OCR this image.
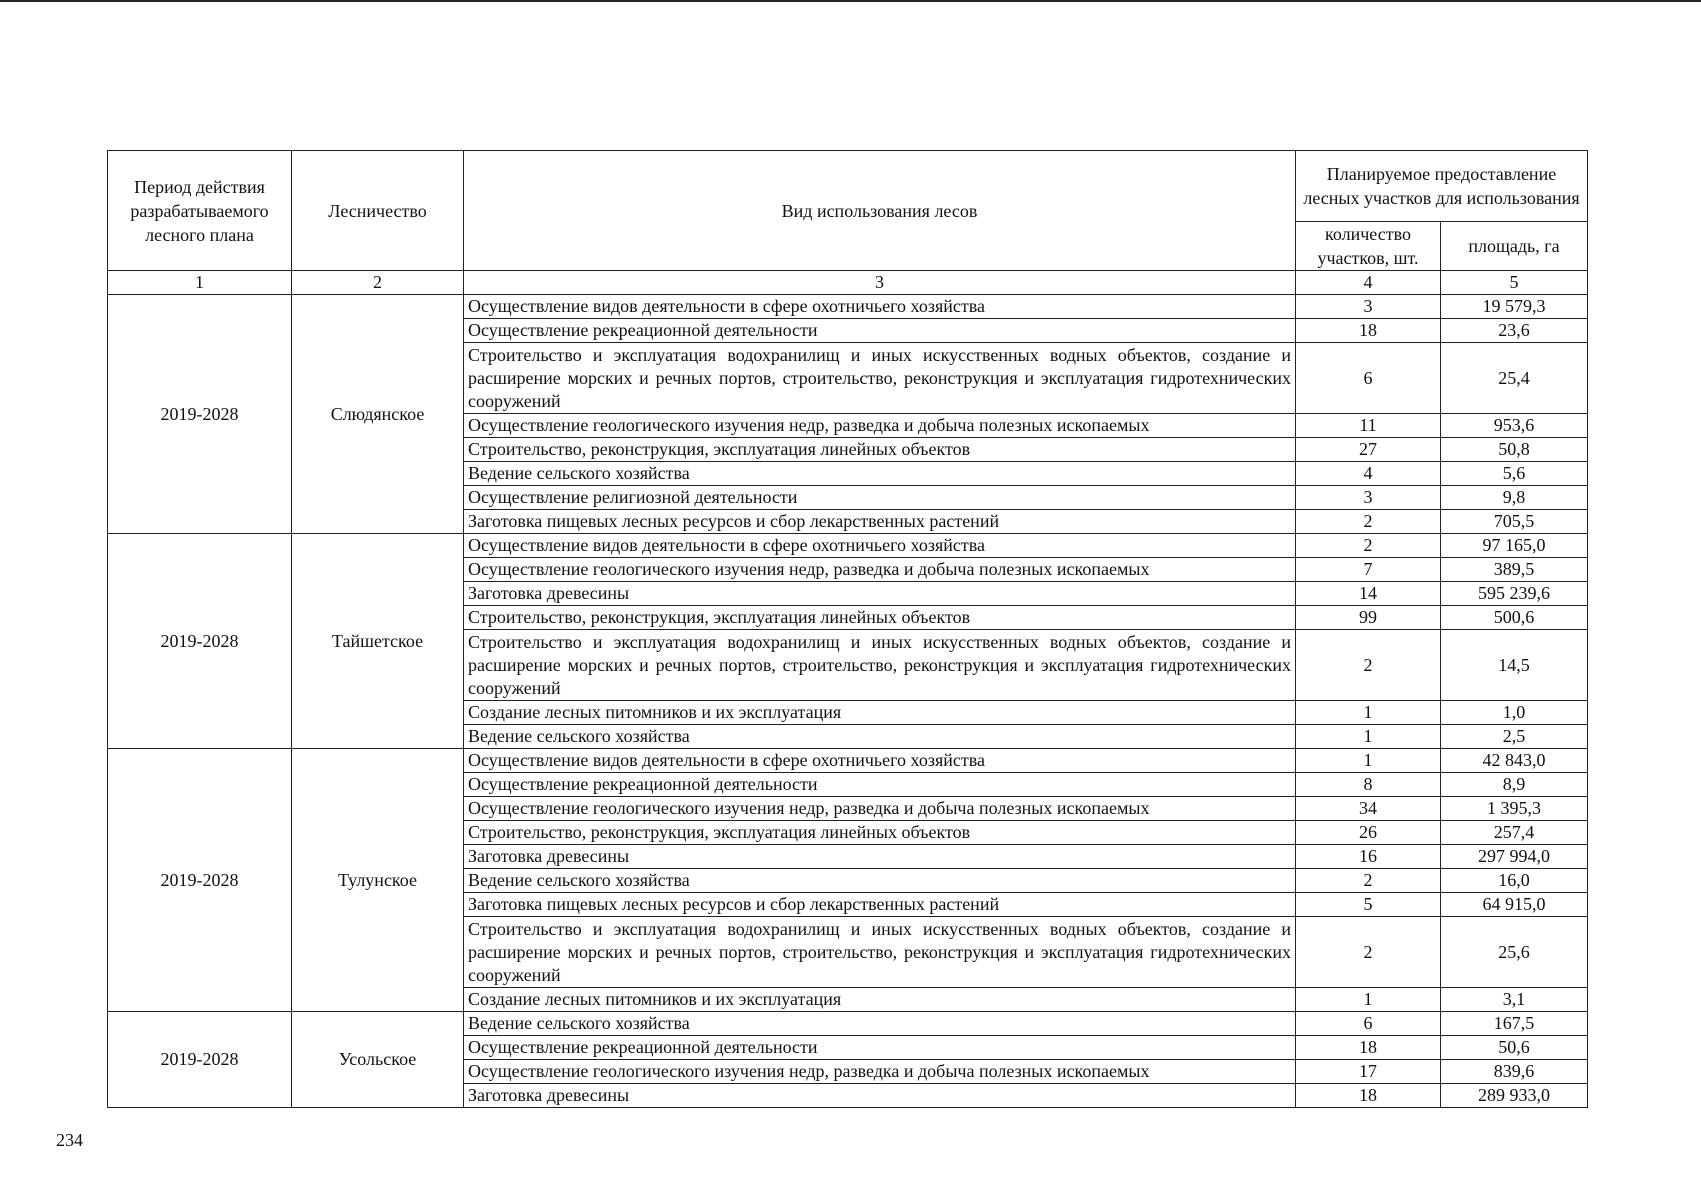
Период действия разрабатываемого лесного плана	Лесничество	Вид использования лесов	Планируемое предоставление лесных участков для использования	
			количество участков, шт.	площадь, га
1	2	3	4	5
2019-2028	Слюдянское	Осуществление видов деятельности в сфере охотничьего хозяйства	3	19 579,3
		Осуществление рекреационной деятельности	18	23,6
		Строительство и эксплуатация водохранилищ и иных искусственных водных объектов, создание и расширение морских и речных портов, строительство, реконструкция и эксплуатация гидротехнических сооружений	6	25,4
		Осуществление геологического изучения недр, разведка и добыча полезных ископаемых	11	953,6
		Строительство, реконструкция, эксплуатация линейных объектов	27	50,8
		Ведение сельского хозяйства	4	5,6
		Осуществление религиозной деятельности	3	9,8
		Заготовка пищевых лесных ресурсов и сбор лекарственных растений	2	705,5
2019-2028	Тайшетское	Осуществление видов деятельности в сфере охотничьего хозяйства	2	97 165,0
		Осуществление геологического изучения недр, разведка и добыча полезных ископаемых	7	389,5
		Заготовка древесины	14	595 239,6
		Строительство, реконструкция, эксплуатация линейных объектов	99	500,6
		Строительство и эксплуатация водохранилищ и иных искусственных водных объектов, создание и расширение морских и речных портов, строительство, реконструкция и эксплуатация гидротехнических сооружений	2	14,5
		Создание лесных питомников и их эксплуатация	1	1,0
		Ведение сельского хозяйства	1	2,5
2019-2028	Тулунское	Осуществление видов деятельности в сфере охотничьего хозяйства	1	42 843,0
		Осуществление рекреационной деятельности	8	8,9
		Осуществление геологического изучения недр, разведка и добыча полезных ископаемых	34	1 395,3
		Строительство, реконструкция, эксплуатация линейных объектов	26	257,4
		Заготовка древесины	16	297 994,0
		Ведение сельского хозяйства	2	16,0
		Заготовка пищевых лесных ресурсов и сбор лекарственных растений	5	64 915,0
		Строительство и эксплуатация водохранилищ и иных искусственных водных объектов, создание и расширение морских и речных портов, строительство, реконструкция и эксплуатация гидротехнических сооружений	2	25,6
		Создание лесных питомников и их эксплуатация	1	3,1
2019-2028	Усольское	Ведение сельского хозяйства	6	167,5
		Осуществление рекреационной деятельности	18	50,6
		Осуществление геологического изучения недр, разведка и добыча полезных ископаемых	17	839,6
		Заготовка древесины	18	289 933,0
234
